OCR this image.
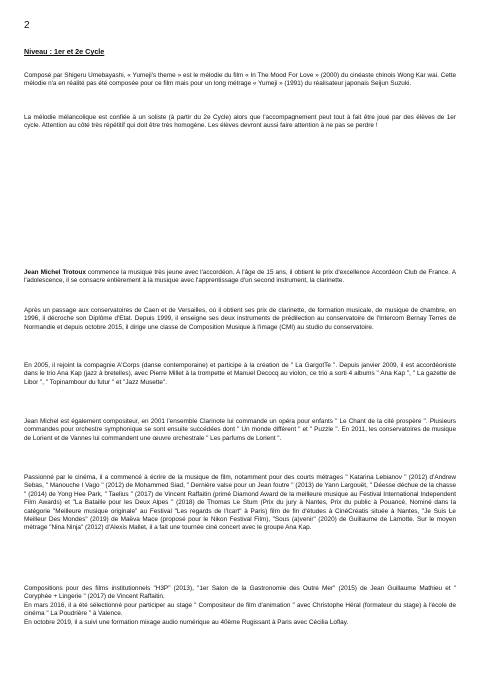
2
Niveau : 1er et 2e Cycle

Composé par Shigeru Umebayashi, « Yumeji's theme » est le mélodie du film « In The Mood For Love » (2000) du cinéaste chinois Wong Kar wai. Cette mélodie n'a en réalité pas été composée pour ce film mais pour un long métrage « Yumeji » (1991) du réalisateur japonais Seijun Suzuki.

La mélodie mélancolique est confiée à un soliste (à partir du 2e Cycle) alors que l'accompagnement peut tout à fait être joué par des élèves de 1er cycle. Attention au côté très répétitif qui doit être très homogène. Les élèves devront aussi faire attention à ne pas se perdre !

Jean Michel Trotoux commence la musique très jeune avec l'accordéon. A l'âge de 15 ans, il obtient le prix d'excellence Accordéon Club de France. A l'adolescence, il se consacre entièrement à la musique avec l'apprentissage d'un second instrument, la clarinette.

Après un passage aux conservatoires de Caen et de Versailles, où il obtient ses prix de clarinette, de formation musicale, de musique de chambre, en 1996, il décroche son Diplôme d'Etat. Depuis 1999, il enseigne ses deux instruments de prédilection au conservatoire de l'Intercom Bernay Terres de Normandie et depuis octobre 2015, il dirige une classe de Composition Musique à l'image (CMI) au studio du conservatoire.

En 2005, il rejoint la compagnie A'Corps (danse contemporaine) et participe à la création de " La GargotTe ". Depuis janvier 2009, il est accordéoniste dans le trio Ana Kap (jazz à bretelles), avec Pierre Millet à la trompette et Manuel Decocq au violon, ce trio a sorti 4 albums " Ana Kap ", " La gazette de Libor ", " Topinambour du futur " et "Jazz Musette".

Jean Michel est également compositeur, en 2001 l'ensemble Clarinote lui commande un opéra pour enfants " Le Chant de la cité prospère ". Plusieurs commandes pour orchestre symphonique se sont ensuite succédées dont " Un monde différent " et " Puzzle ". En 2011, les conservatoires de musique de Lorient et de Vannes lui commandent une œuvre orchestrale " Les parfums de Lorient ".

Passionné par le cinéma, il a commencé à écrire de la musique de film, notamment pour des courts métrages " Katarina Lebianov " (2012) d'Andrew Sebas, " Manouche I Vago " (2012) de Mohammed Siad, " Dernière valse pour un Jean foutre " (2013) de Yann Largouët, " Déesse déchue de la chasse " (2014) de Yong Hee Park, " Taelius " (2017) de Vincent Raffaitin (primé Diamond Award de la meilleure musique au Festival International Independent Film Awards) et "La Bataille pour les Deux Alpes " (2018) de Thomas Le Stum (Prix du jury à Nantes, Prix du public à Pouancé, Nominé dans la catégorie "Meilleure musique originale" au Festival "Les regards de l'Icart" à Paris) film de fin d'études à CinéCréatis située à Nantes, "Je Suis Le Meilleur Des Mondes" (2019) de Maëva Mace (proposé pour le Nikon Festival Film), "Sous (a)venir" (2020) de Guillaume de Lamotte. Sur le moyen métrage "Nina Ninja" (2012) d'Alexis Mallet, il a fait une tournée ciné concert avec le groupe Ana Kap.

Compositions pour des films institutionnels "H3P" (2013), "1er Salon de la Gastronomie des Outre Mer" (2015) de Jean Guillaume Mathieu et " Coryphée + Lingerie " (2017) de Vincent Raffaitin.
En mars 2016, il a été sélectionné pour participer au stage " Compositeur de film d'animation " avec Christophe Héral (formateur du stage) à l'école de cinéma " La Poudrière " à Valence.
En octobre 2019, il a suivi une formation mixage audio numérique au 40ème Rugissant à Paris avec Cécilia Loflay.
